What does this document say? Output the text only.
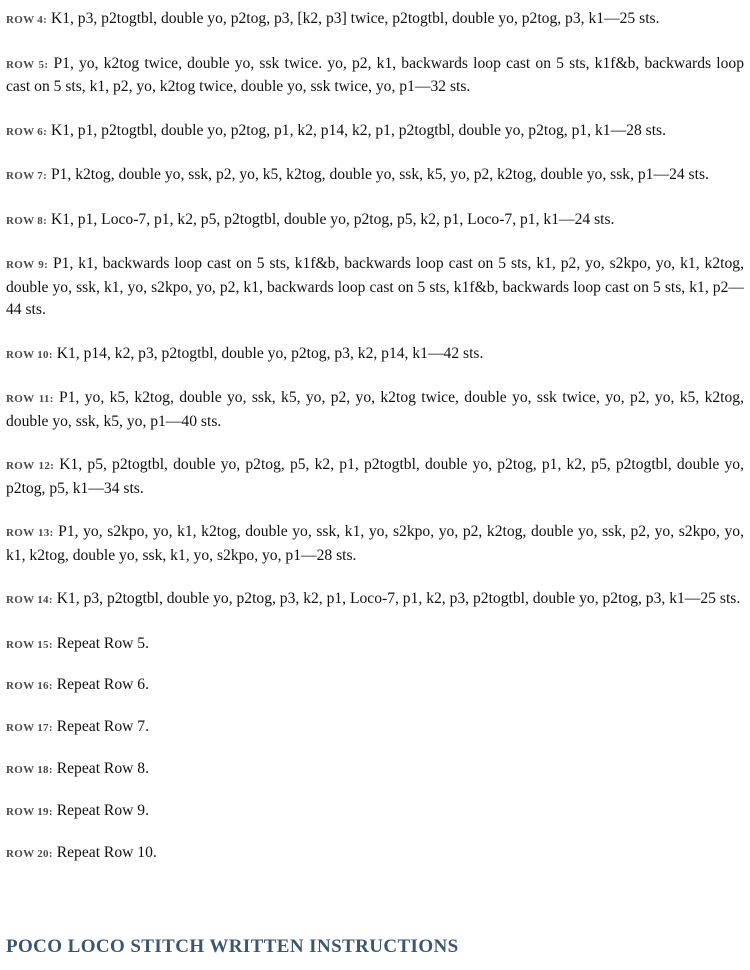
ROW 4: K1, p3, p2togtbl, double yo, p2tog, p3, [k2, p3] twice, p2togtbl, double yo, p2tog, p3, k1—25 sts.

ROW 5: P1, yo, k2tog twice, double yo, ssk twice. yo, p2, k1, backwards loop cast on 5 sts, k1f&b, backwards loop cast on 5 sts, k1, p2, yo, k2tog twice, double yo, ssk twice, yo, p1—32 sts.

ROW 6: K1, p1, p2togtbl, double yo, p2tog, p1, k2, p14, k2, p1, p2togtbl, double yo, p2tog, p1, k1—28 sts.

ROW 7: P1, k2tog, double yo, ssk, p2, yo, k5, k2tog, double yo, ssk, k5, yo, p2, k2tog, double yo, ssk, p1—24 sts.

ROW 8: K1, p1, Loco-7, p1, k2, p5, p2togtbl, double yo, p2tog, p5, k2, p1, Loco-7, p1, k1—24 sts.

ROW 9: P1, k1, backwards loop cast on 5 sts, k1f&b, backwards loop cast on 5 sts, k1, p2, yo, s2kpo, yo, k1, k2tog, double yo, ssk, k1, yo, s2kpo, yo, p2, k1, backwards loop cast on 5 sts, k1f&b, backwards loop cast on 5 sts, k1, p2—44 sts.

ROW 10: K1, p14, k2, p3, p2togtbl, double yo, p2tog, p3, k2, p14, k1—42 sts.

ROW 11: P1, yo, k5, k2tog, double yo, ssk, k5, yo, p2, yo, k2tog twice, double yo, ssk twice, yo, p2, yo, k5, k2tog, double yo, ssk, k5, yo, p1—40 sts.

ROW 12: K1, p5, p2togtbl, double yo, p2tog, p5, k2, p1, p2togtbl, double yo, p2tog, p1, k2, p5, p2togtbl, double yo, p2tog, p5, k1—34 sts.

ROW 13: P1, yo, s2kpo, yo, k1, k2tog, double yo, ssk, k1, yo, s2kpo, yo, p2, k2tog, double yo, ssk, p2, yo, s2kpo, yo, k1, k2tog, double yo, ssk, k1, yo, s2kpo, yo, p1—28 sts.

ROW 14: K1, p3, p2togtbl, double yo, p2tog, p3, k2, p1, Loco-7, p1, k2, p3, p2togtbl, double yo, p2tog, p3, k1—25 sts.

ROW 15: Repeat Row 5.

ROW 16: Repeat Row 6.

ROW 17: Repeat Row 7.

ROW 18: Repeat Row 8.

ROW 19: Repeat Row 9.

ROW 20: Repeat Row 10.

POCO LOCO STITCH WRITTEN INSTRUCTIONS
